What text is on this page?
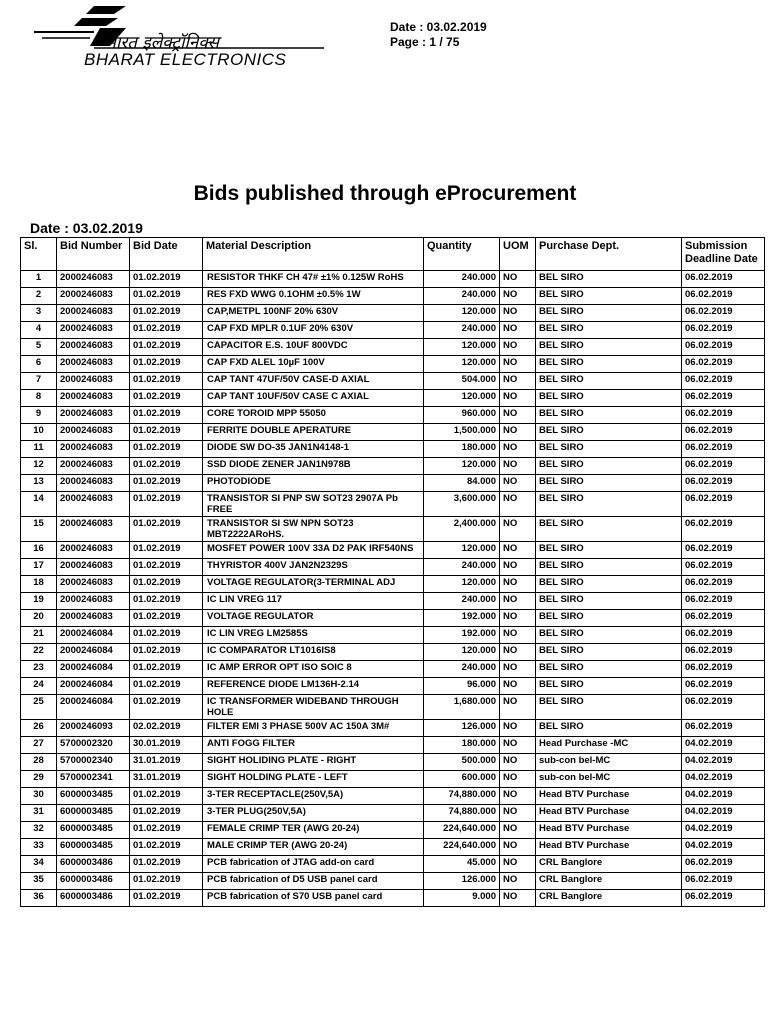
भारत इलेक्ट्रॉनिक्स
BHARAT ELECTRONICS
Date : 03.02.2019
Page : 1 / 75
Bids published through eProcurement
Date : 03.02.2019
Sl.	Bid Number	Bid Date	Material Description	Quantity	UOM	Purchase Dept.	Submission Deadline Date
1	2000246083	01.02.2019	RESISTOR THKF CH 47# ±1% 0.125W RoHS	240.000	NO	BEL SIRO	06.02.2019
2	2000246083	01.02.2019	RES FXD WWG 0.1OHM ±0.5% 1W	240.000	NO	BEL SIRO	06.02.2019
3	2000246083	01.02.2019	CAP,METPL 100NF 20% 630V	120.000	NO	BEL SIRO	06.02.2019
4	2000246083	01.02.2019	CAP FXD MPLR 0.1UF 20% 630V	240.000	NO	BEL SIRO	06.02.2019
5	2000246083	01.02.2019	CAPACITOR E.S. 10UF 800VDC	120.000	NO	BEL SIRO	06.02.2019
6	2000246083	01.02.2019	CAP FXD ALEL 10µF 100V	120.000	NO	BEL SIRO	06.02.2019
7	2000246083	01.02.2019	CAP TANT 47UF/50V CASE-D AXIAL	504.000	NO	BEL SIRO	06.02.2019
8	2000246083	01.02.2019	CAP TANT 10UF/50V CASE C AXIAL	120.000	NO	BEL SIRO	06.02.2019
9	2000246083	01.02.2019	CORE TOROID MPP 55050	960.000	NO	BEL SIRO	06.02.2019
10	2000246083	01.02.2019	FERRITE DOUBLE APERATURE	1,500.000	NO	BEL SIRO	06.02.2019
11	2000246083	01.02.2019	DIODE SW DO-35 JAN1N4148-1	180.000	NO	BEL SIRO	06.02.2019
12	2000246083	01.02.2019	SSD DIODE ZENER JAN1N978B	120.000	NO	BEL SIRO	06.02.2019
13	2000246083	01.02.2019	PHOTODIODE	84.000	NO	BEL SIRO	06.02.2019
14	2000246083	01.02.2019	TRANSISTOR SI PNP SW SOT23 2907A Pb FREE	3,600.000	NO	BEL SIRO	06.02.2019
15	2000246083	01.02.2019	TRANSISTOR SI SW NPN SOT23 MBT2222ARoHS.	2,400.000	NO	BEL SIRO	06.02.2019
16	2000246083	01.02.2019	MOSFET POWER 100V 33A D2 PAK IRF540NS	120.000	NO	BEL SIRO	06.02.2019
17	2000246083	01.02.2019	THYRISTOR 400V JAN2N2329S	240.000	NO	BEL SIRO	06.02.2019
18	2000246083	01.02.2019	VOLTAGE REGULATOR(3-TERMINAL ADJ	120.000	NO	BEL SIRO	06.02.2019
19	2000246083	01.02.2019	IC LIN VREG 117	240.000	NO	BEL SIRO	06.02.2019
20	2000246083	01.02.2019	VOLTAGE REGULATOR	192.000	NO	BEL SIRO	06.02.2019
21	2000246084	01.02.2019	IC LIN VREG LM2585S	192.000	NO	BEL SIRO	06.02.2019
22	2000246084	01.02.2019	IC COMPARATOR LT1016IS8	120.000	NO	BEL SIRO	06.02.2019
23	2000246084	01.02.2019	IC AMP ERROR OPT ISO SOIC 8	240.000	NO	BEL SIRO	06.02.2019
24	2000246084	01.02.2019	REFERENCE DIODE LM136H-2.14	96.000	NO	BEL SIRO	06.02.2019
25	2000246084	01.02.2019	IC TRANSFORMER WIDEBAND THROUGH HOLE	1,680.000	NO	BEL SIRO	06.02.2019
26	2000246093	02.02.2019	FILTER EMI 3 PHASE 500V AC 150A 3M#	126.000	NO	BEL SIRO	06.02.2019
27	5700002320	30.01.2019	ANTI FOGG FILTER	180.000	NO	Head Purchase -MC	04.02.2019
28	5700002340	31.01.2019	SIGHT HOLIDING PLATE - RIGHT	500.000	NO	sub-con bel-MC	04.02.2019
29	5700002341	31.01.2019	SIGHT HOLDING PLATE - LEFT	600.000	NO	sub-con bel-MC	04.02.2019
30	6000003485	01.02.2019	3-TER RECEPTACLE(250V,5A)	74,880.000	NO	Head BTV Purchase	04.02.2019
31	6000003485	01.02.2019	3-TER PLUG(250V,5A)	74,880.000	NO	Head BTV Purchase	04.02.2019
32	6000003485	01.02.2019	FEMALE CRIMP TER (AWG 20-24)	224,640.000	NO	Head BTV Purchase	04.02.2019
33	6000003485	01.02.2019	MALE CRIMP TER (AWG 20-24)	224,640.000	NO	Head BTV Purchase	04.02.2019
34	6000003486	01.02.2019	PCB fabrication of JTAG add-on card	45.000	NO	CRL Banglore	06.02.2019
35	6000003486	01.02.2019	PCB fabrication of D5 USB panel card	126.000	NO	CRL Banglore	06.02.2019
36	6000003486	01.02.2019	PCB fabrication of S70 USB panel card	9.000	NO	CRL Banglore	06.02.2019
